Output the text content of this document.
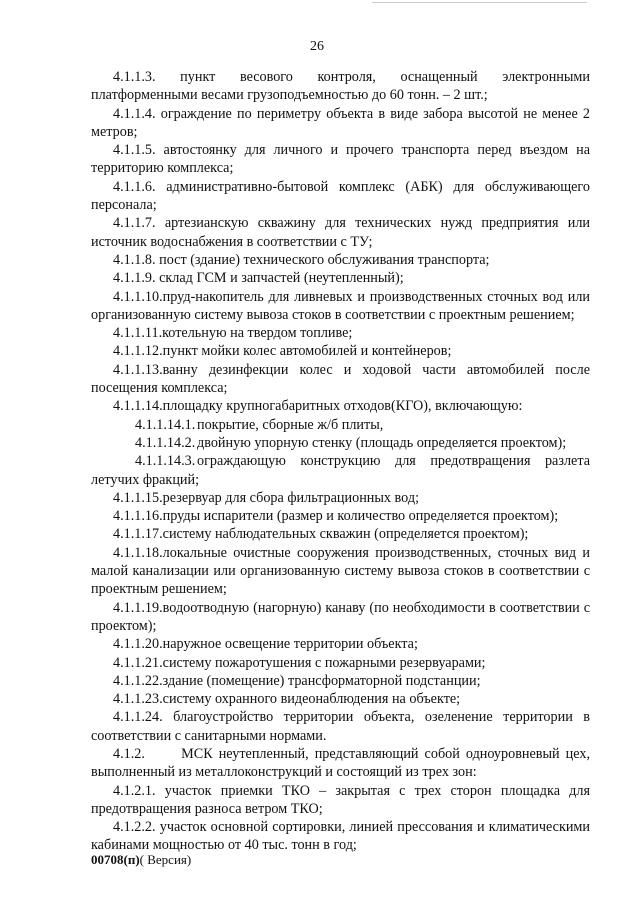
26

4.1.1.3. пункт весового контроля, оснащенный электронными платформенными весами грузоподъемностью до 60 тонн. – 2 шт.;

4.1.1.4. ограждение по периметру объекта в виде забора высотой не менее 2 метров;

4.1.1.5. автостоянку для личного и прочего транспорта перед въездом на территорию комплекса;

4.1.1.6. административно-бытовой комплекс (АБК) для обслуживающего персонала;

4.1.1.7. артезианскую скважину для технических нужд предприятия или источник водоснабжения в соответствии с ТУ;

4.1.1.8. пост (здание) технического обслуживания транспорта;

4.1.1.9. склад ГСМ и запчастей (неутепленный);

4.1.1.10.пруд-накопитель для ливневых и производственных сточных вод или организованную систему вывоза стоков в соответствии с проектным решением;

4.1.1.11.котельную на твердом топливе;

4.1.1.12.пункт мойки колес автомобилей и контейнеров;

4.1.1.13.ванну дезинфекции колес и ходовой части автомобилей после посещения комплекса;

4.1.1.14.площадку крупногабаритных отходов(КГО), включающую:

4.1.1.14.1. покрытие, сборные ж/б плиты,

4.1.1.14.2. двойную упорную стенку (площадь определяется проектом);

4.1.1.14.3. ограждающую конструкцию для предотвращения разлета летучих фракций;

4.1.1.15.резервуар для сбора фильтрационных вод;

4.1.1.16.пруды испарители (размер и количество определяется проектом);

4.1.1.17.систему наблюдательных скважин (определяется проектом);

4.1.1.18.локальные очистные сооружения производственных, сточных вид и малой канализации или организованную систему вывоза стоков в соответствии с проектным решением;

4.1.1.19.водоотводную (нагорную) канаву (по необходимости в соответствии с проектом);

4.1.1.20.наружное освещение территории объекта;

4.1.1.21.систему пожаротушения с пожарными резервуарами;

4.1.1.22.здание (помещение) трансформаторной подстанции;

4.1.1.23.систему охранного видеонаблюдения на объекте;

4.1.1.24. благоустройство территории объекта, озеленение территории в соответствии с санитарными нормами.

4.1.2.	МСК неутепленный, представляющий собой одноуровневый цех, выполненный из металлоконструкций и состоящий из трех зон:

4.1.2.1. участок приемки ТКО – закрытая с трех сторон площадка для предотвращения разноса ветром ТКО;

4.1.2.2. участок основной сортировки, линией прессования и климатическими кабинами мощностью от 40 тыс. тонн в год;

00708(п)( Версия)
